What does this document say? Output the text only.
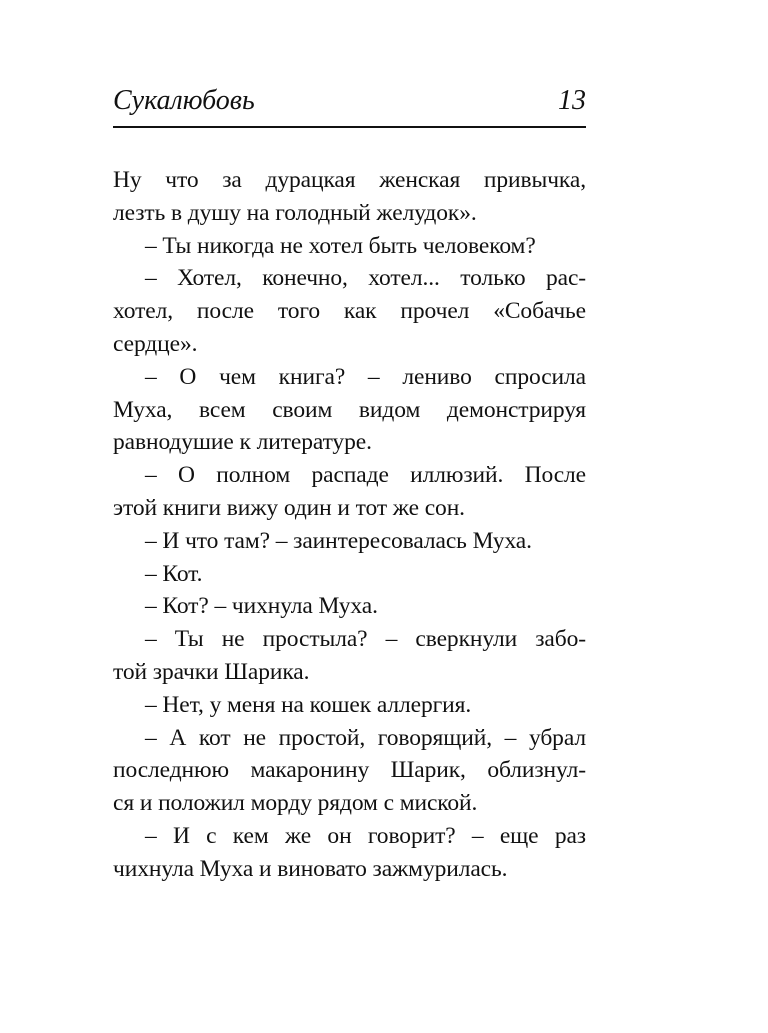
Сукалюбовь	13
Ну что за дурацкая женская привычка,
лезть в душу на голодный желудок».
– Ты никогда не хотел быть человеком?
– Хотел, конечно, хотел... только рас-
хотел, после того как прочел «Собачье
сердце».
– О чем книга? – лениво спросила
Муха, всем своим видом демонстрируя
равнодушие к литературе.
– О полном распаде иллюзий. После
этой книги вижу один и тот же сон.
– И что там? – заинтересовалась Муха.
– Кот.
– Кот? – чихнула Муха.
– Ты не простыла? – сверкнули забо-
той зрачки Шарика.
– Нет, у меня на кошек аллергия.
– А кот не простой, говорящий, – убрал
последнюю макаронину Шарик, облизнул-
ся и положил морду рядом с миской.
– И с кем же он говорит? – еще раз
чихнула Муха и виновато зажмурилась.
